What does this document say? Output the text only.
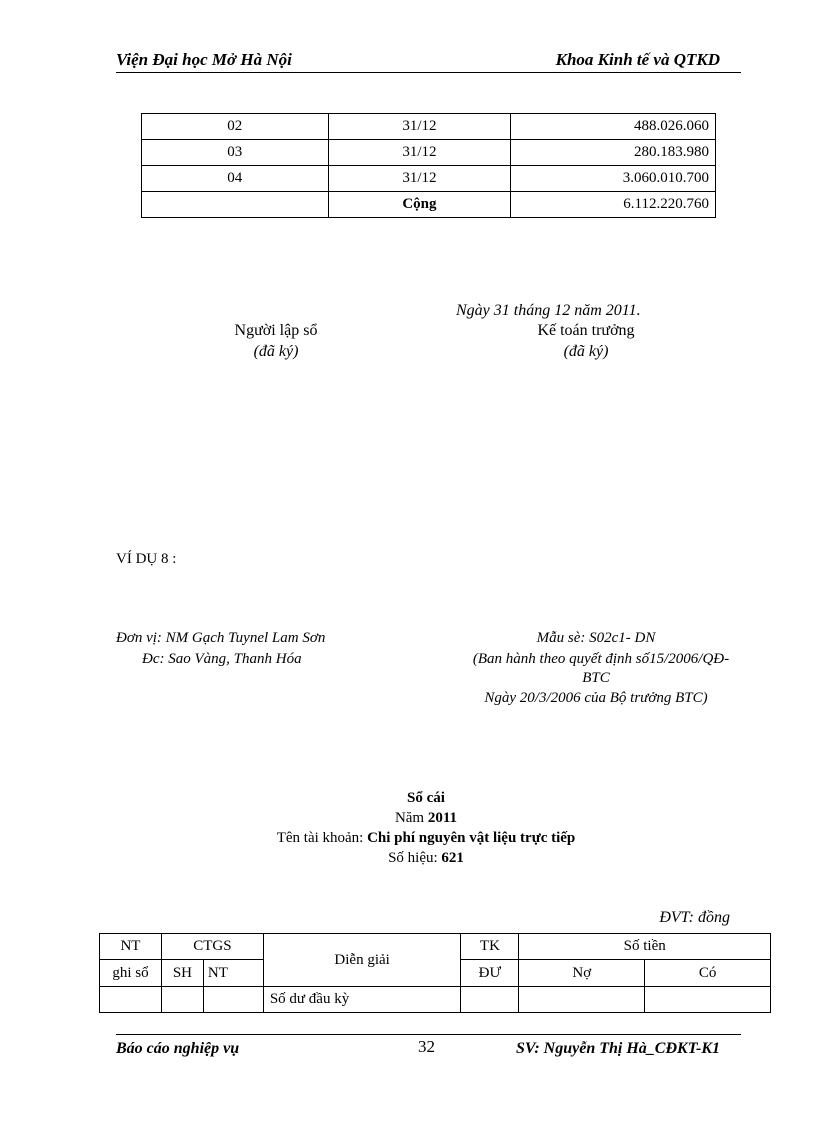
Viện Đại học Mở Hà Nội	Khoa Kinh tế và QTKD
02	31/12	488.026.060
03	31/12	280.183.980
04	31/12	3.060.010.700
	Cộng	6.112.220.760
Ngày 31 tháng 12 năm 2011.
Người lập sổ
(đã ký)
Kế toán trưởng
(đã ký)
VÍ DỤ 8 :
Đơn vị: NM Gạch Tuynel Lam Sơn
Đc: Sao Vàng, Thanh Hóa
Mẫu sè: S02c1- DN
(Ban hành theo quyết định số15/2006/QĐ-
BTC
Ngày 20/3/2006 của Bộ trưởng BTC)
Sổ cái
Năm 2011
Tên tài khoản: Chi phí nguyên vật liệu trực tiếp
Số hiệu: 621
ĐVT: đồng
NT	CTGS		Diễn giải	TK	Số tiền	
ghi sổ	SH	NT		ĐƯ	Nợ	Có
			Số dư đầu kỳ			
Báo cáo nghiệp vụ	32	SV: Nguyễn Thị Hà_CĐKT-K1
